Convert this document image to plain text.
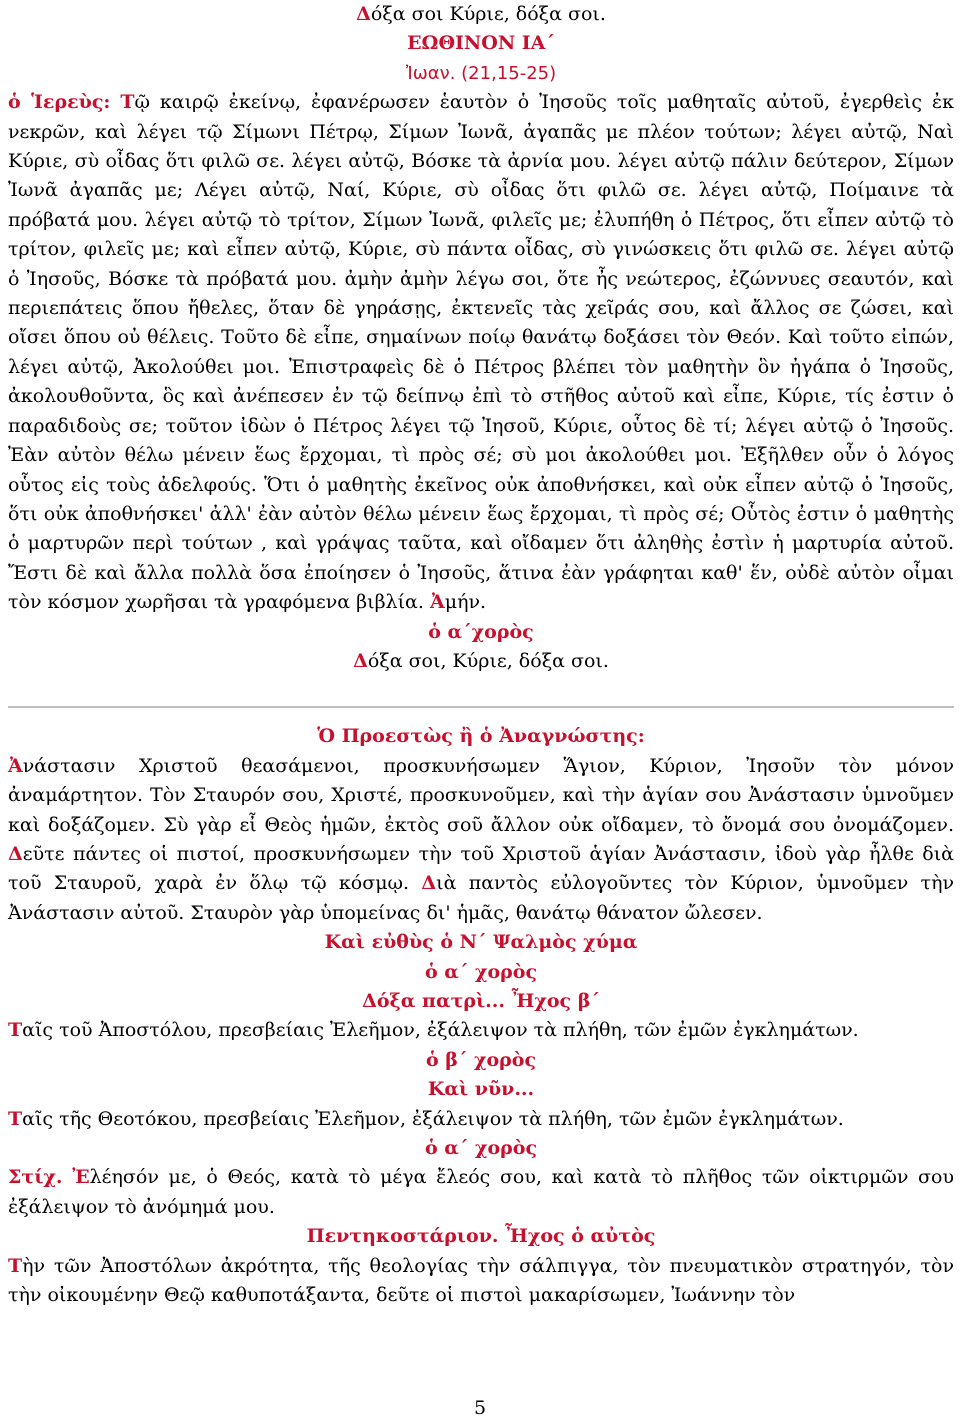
Δόξα σοι Κύριε, δόξα σοι.

ΕΩΘΙΝΟΝ ΙΑ΄

Ἰωαν. (21,15-25)

ὁ Ἱερεὺς: Τῷ καιρῷ ἐκείνῳ, ἐφανέρωσεν ἑαυτὸν ὁ Ἰησοῦς τοῖς μαθηταῖς αὐτοῦ, ἐγερθεὶς ἐκ νεκρῶν, καὶ λέγει τῷ Σίμωνι Πέτρῳ, Σίμων Ἰωνᾶ, ἀγαπᾶς με πλέον τούτων; λέγει αὐτῷ, Ναὶ Κύριε, σὺ οἶδας ὅτι φιλῶ σε. λέγει αὐτῷ, Βόσκε τὰ ἀρνία μου. λέγει αὐτῷ πάλιν δεύτερον, Σίμων Ἰωνᾶ ἀγαπᾶς με; Λέγει αὐτῷ, Ναί, Κύριε, σὺ οἶδας ὅτι φιλῶ σε. λέγει αὐτῷ, Ποίμαινε τὰ πρόβατά μου. λέγει αὐτῷ τὸ τρίτον, Σίμων Ἰωνᾶ, φιλεῖς με; ἐλυπήθη ὁ Πέτρος, ὅτι εἶπεν αὐτῷ τὸ τρίτον, φιλεῖς με; καὶ εἶπεν αὐτῷ, Κύριε, σὺ πάντα οἶδας, σὺ γινώσκεις ὅτι φιλῶ σε. λέγει αὐτῷ ὁ Ἰησοῦς, Βόσκε τὰ πρόβατά μου. ἀμὴν ἀμὴν λέγω σοι, ὅτε ἦς νεώτερος, ἐζώννυες σεαυτόν, καὶ περιεπάτεις ὅπου ἤθελες, ὅταν δὲ γηράσῃς, ἐκτενεῖς τὰς χεῖράς σου, καὶ ἄλλος σε ζώσει, καὶ οἴσει ὅπου οὐ θέλεις. Τοῦτο δὲ εἶπε, σημαίνων ποίῳ θανάτῳ δοξάσει τὸν Θεόν. Καὶ τοῦτο εἰπών, λέγει αὐτῷ, Ἀκολούθει μοι. Ἐπιστραφεὶς δὲ ὁ Πέτρος βλέπει τὸν μαθητὴν ὃν ἠγάπα ὁ Ἰησοῦς, ἀκολουθοῦντα, ὃς καὶ ἀνέπεσεν ἐν τῷ δείπνῳ ἐπὶ τὸ στῆθος αὐτοῦ καὶ εἶπε, Κύριε, τίς ἐστιν ὁ παραδιδοὺς σε; τοῦτον ἰδὼν ὁ Πέτρος λέγει τῷ Ἰησοῦ, Κύριε, οὗτος δὲ τί; λέγει αὐτῷ ὁ Ἰησοῦς. Ἐὰν αὐτὸν θέλω μένειν ἕως ἔρχομαι, τὶ πρὸς σέ; σὺ μοι ἀκολούθει μοι. Ἐξῆλθεν οὖν ὁ λόγος οὗτος εἰς τοὺς ἀδελφούς. Ὅτι ὁ μαθητὴς ἐκεῖνος οὐκ ἀποθνήσκει, καὶ οὐκ εἶπεν αὐτῷ ὁ Ἰησοῦς, ὅτι οὐκ ἀποθνήσκει' ἀλλ' ἐὰν αὐτὸν θέλω μένειν ἕως ἔρχομαι, τὶ πρὸς σέ; Οὗτὸς ἐστιν ὁ μαθητὴς ὁ μαρτυρῶν περὶ τούτων , καὶ γράψας ταῦτα, καὶ οἴδαμεν ὅτι ἀληθὴς ἐστὶν ἡ μαρτυρία αὐτοῦ. Ἔστι δὲ καὶ ἄλλα πολλὰ ὅσα ἐποίησεν ὁ Ἰησοῦς, ἅτινα ἐὰν γράφηται καθ' ἕν, οὐδὲ αὐτὸν οἶμαι τὸν κόσμον χωρῆσαι τὰ γραφόμενα βιβλία. Ἀμήν.

ὁ α΄χορὸς

Δόξα σοι, Κύριε, δόξα σοι.

Ὁ Προεστὼς ἢ ὁ Ἀναγνώστης:

Ἀνάστασιν Χριστοῦ θεασάμενοι, προσκυνήσωμεν Ἅγιον, Κύριον, Ἰησοῦν τὸν μόνον ἀναμάρτητον. Τὸν Σταυρόν σου, Χριστέ, προσκυνοῦμεν, καὶ τὴν ἁγίαν σου Ἀνάστασιν ὑμνοῦμεν καὶ δοξάζομεν. Σὺ γὰρ εἶ Θεὸς ἡμῶν, ἐκτὸς σοῦ ἄλλον οὐκ οἴδαμεν, τὸ ὄνομά σου ὀνομάζομεν. Δεῦτε πάντες οἱ πιστοί, προσκυνήσωμεν τὴν τοῦ Χριστοῦ ἁγίαν Ἀνάστασιν, ἰδοὺ γὰρ ἦλθε διὰ τοῦ Σταυροῦ, χαρὰ ἐν ὅλῳ τῷ κόσμῳ. Διὰ παντὸς εὐλογοῦντες τὸν Κύριον, ὑμνοῦμεν τὴν Ἀνάστασιν αὐτοῦ. Σταυρὸν γὰρ ὑπομείνας δι' ἡμᾶς, θανάτῳ θάνατον ὤλεσεν.

Καὶ εὐθὺς ὁ Ν΄ Ψαλμὸς χύμα

ὁ α΄ χορὸς

Δόξα πατρὶ... Ἦχος β΄

Ταῖς τοῦ Ἀποστόλου, πρεσβείαις Ἐλεῆμον, ἐξάλειψον τὰ πλήθη, τῶν ἐμῶν ἐγκλημάτων.

ὁ β΄ χορὸς

Καὶ νῦν...

Ταῖς τῆς Θεοτόκου, πρεσβείαις Ἐλεῆμον, ἐξάλειψον τὰ πλήθη, τῶν ἐμῶν ἐγκλημάτων.

ὁ α΄ χορὸς

Στίχ. Ἐλέησόν με, ὁ Θεός, κατὰ τὸ μέγα ἔλεός σου, καὶ κατὰ τὸ πλῆθος τῶν οἰκτιρμῶν σου ἐξάλειψον τὸ ἀνόμημά μου.

Πεντηκοστάριον. Ἦχος ὁ αὐτὸς

Τὴν τῶν Ἀποστόλων ἀκρότητα, τῆς θεολογίας τὴν σάλπιγγα, τὸν πνευματικὸν στρατηγόν, τὸν τὴν οἰκουμένην Θεῷ καθυποτάξαντα, δεῦτε οἱ πιστοὶ μακαρίσωμεν, Ἰωάννην τὸν

5
